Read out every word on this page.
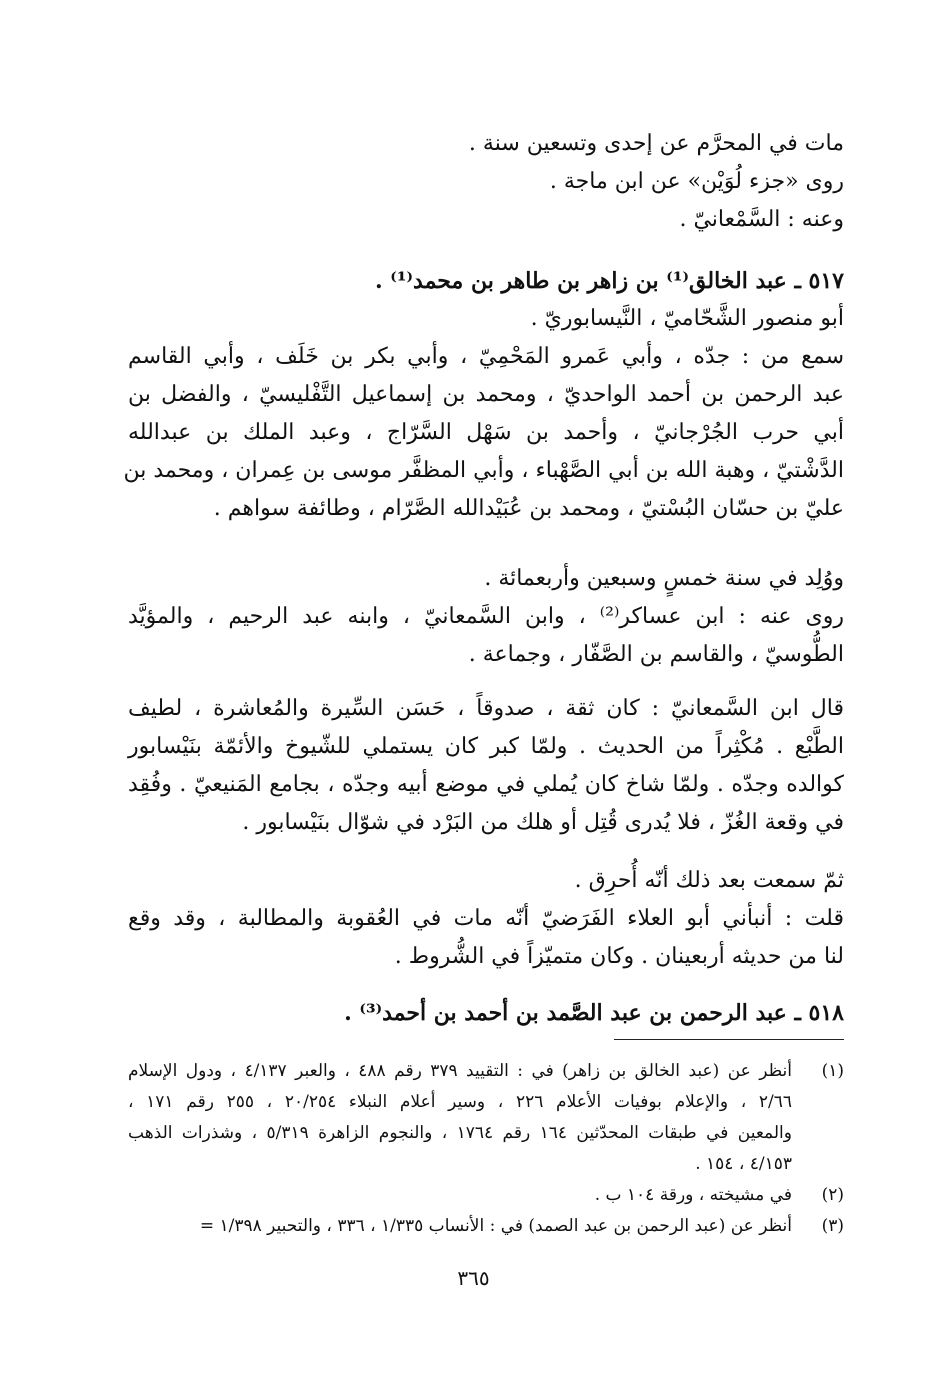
مات في المحرَّم عن إحدى وتسعين سنة .
روى «جزء لُوَيْن» عن ابن ماجة .
وعنه : السَّمْعانيّ .
٥١٧ ـ عبد الخالق⁽¹⁾ بن زاهر بن طاهر بن محمد⁽¹⁾ .
أبو منصور الشَّحّاميّ ، النَّيسابوريّ .
سمع من : جدّه ، وأبي عَمرو المَحْمِيّ ، وأبي بكر بن خَلَف ، وأبي القاسم
عبد الرحمن بن أحمد الواحديّ ، ومحمد بن إسماعيل التَّفْليسيّ ، والفضل بن
أبي حرب الجُرْجانيّ ، وأحمد بن سَهْل السَّرّاج ، وعبد الملك بن عبدالله
الدَّشْتيّ ، وهبة الله بن أبي الصَّهْباء ، وأبي المظفَّر موسى بن عِمران ، ومحمد بن
عليّ بن حسّان البُسْتيّ ، ومحمد بن عُبَيْدالله الصَّرّام ، وطائفة سواهم .
ووُلِد في سنة خمسٍ وسبعين وأربعمائة .
روى عنه : ابن عساكر⁽²⁾ ، وابن السَّمعانيّ ، وابنه عبد الرحيم ، والمؤيَّد
الطُّوسيّ ، والقاسم بن الصَّفّار ، وجماعة .
قال ابن السَّمعانيّ : كان ثقة ، صدوقاً ، حَسَن السِّيرة والمُعاشرة ، لطيف
الطَّبْع . مُكْثِراً من الحديث . ولمّا كبر كان يستملي للشّيوخ والأئمّة بنَيْسابور
كوالده وجدّه . ولمّا شاخ كان يُملي في موضع أبيه وجدّه ، بجامع المَنيعيّ . وفُقِد
في وقعة الغُزّ ، فلا يُدرى قُتِل أو هلك من البَرْد في شوّال بنَيْسابور .
ثمّ سمعت بعد ذلك أنّه أُحرِق .
قلت : أنبأني أبو العلاء الفَرَضيّ أنّه مات في العُقوبة والمطالبة ، وقد وقع
لنا من حديثه أربعينان . وكان متميّزاً في الشُّروط .
٥١٨ ـ عبد الرحمن بن عبد الصَّمد بن أحمد بن أحمد⁽³⁾ .
(١)
أنظر عن (عبد الخالق بن زاهر) في : التقييد ٣٧٩ رقم ٤٨٨ ، والعبر ٤/١٣٧ ، ودول الإسلام
٢/٦٦ ، والإعلام بوفيات الأعلام ٢٢٦ ، وسير أعلام النبلاء ٢٠/٢٥٤ ، ٢٥٥ رقم ١٧١ ،
والمعين في طبقات المحدّثين ١٦٤ رقم ١٧٦٤ ، والنجوم الزاهرة ٥/٣١٩ ، وشذرات الذهب
٤/١٥٣ ، ١٥٤ .
(٢)
في مشيخته ، ورقة ١٠٤ ب .
(٣)
أنظر عن (عبد الرحمن بن عبد الصمد) في : الأنساب ١/٣٣٥ ، ٣٣٦ ، والتحبير ١/٣٩٨ =
٣٦٥
